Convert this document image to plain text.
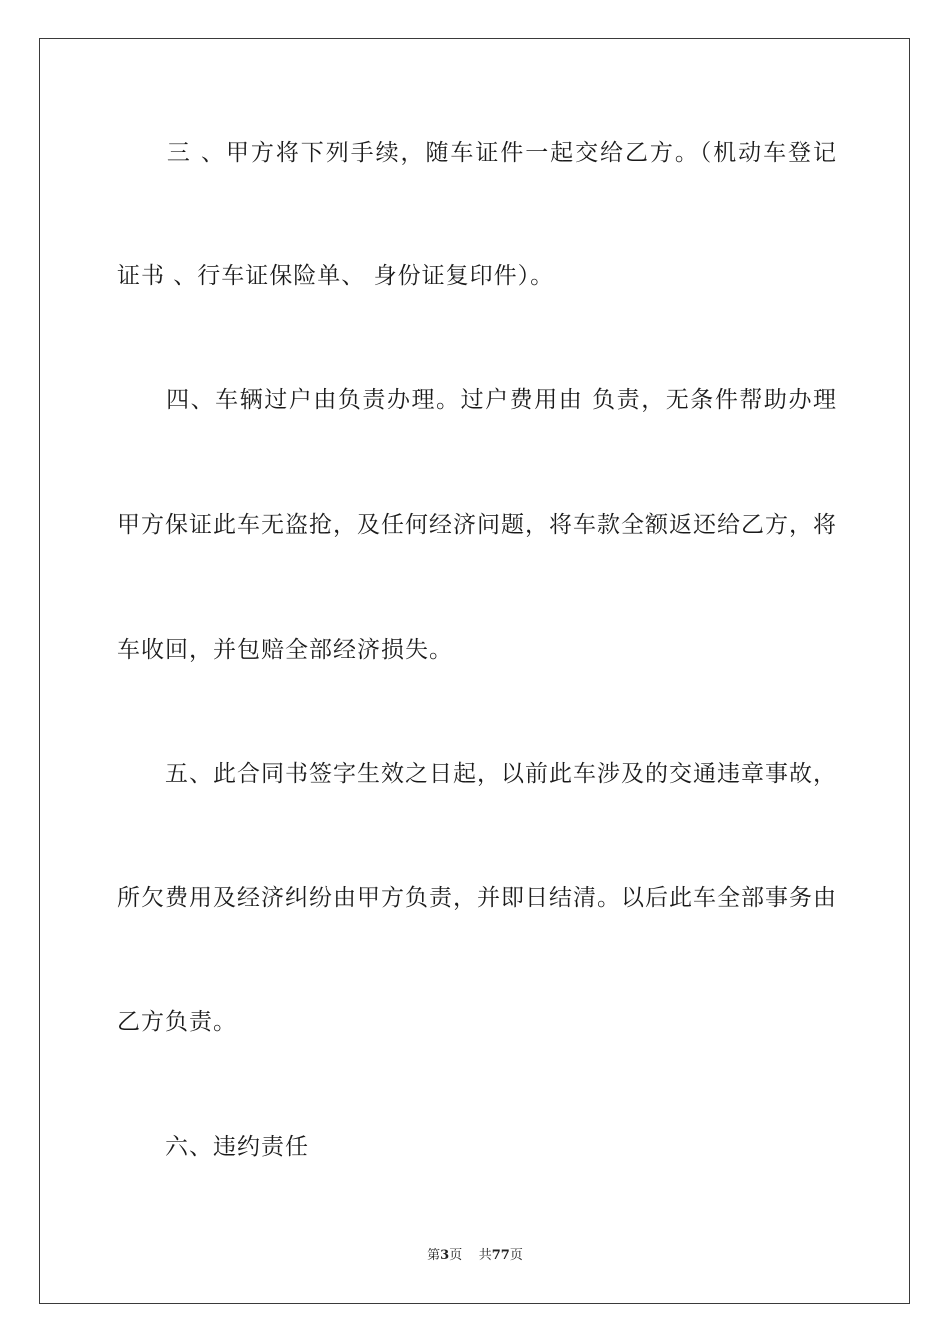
　　三 、甲方将下列手续，随车证件一起交给乙方。（机动车登记
证书 、行车证保险单、 身份证复印件）。
　　四、车辆过户由负责办理。过户费用由 负责，无条件帮助办理
甲方保证此车无盗抢，及任何经济问题，将车款全额返还给乙方，将
车收回，并包赔全部经济损失。
　　五、此合同书签字生效之日起，以前此车涉及的交通违章事故，
所欠费用及经济纠纷由甲方负责，并即日结清。以后此车全部事务由
乙方负责。
　　六、违约责任
第3页 共77页
